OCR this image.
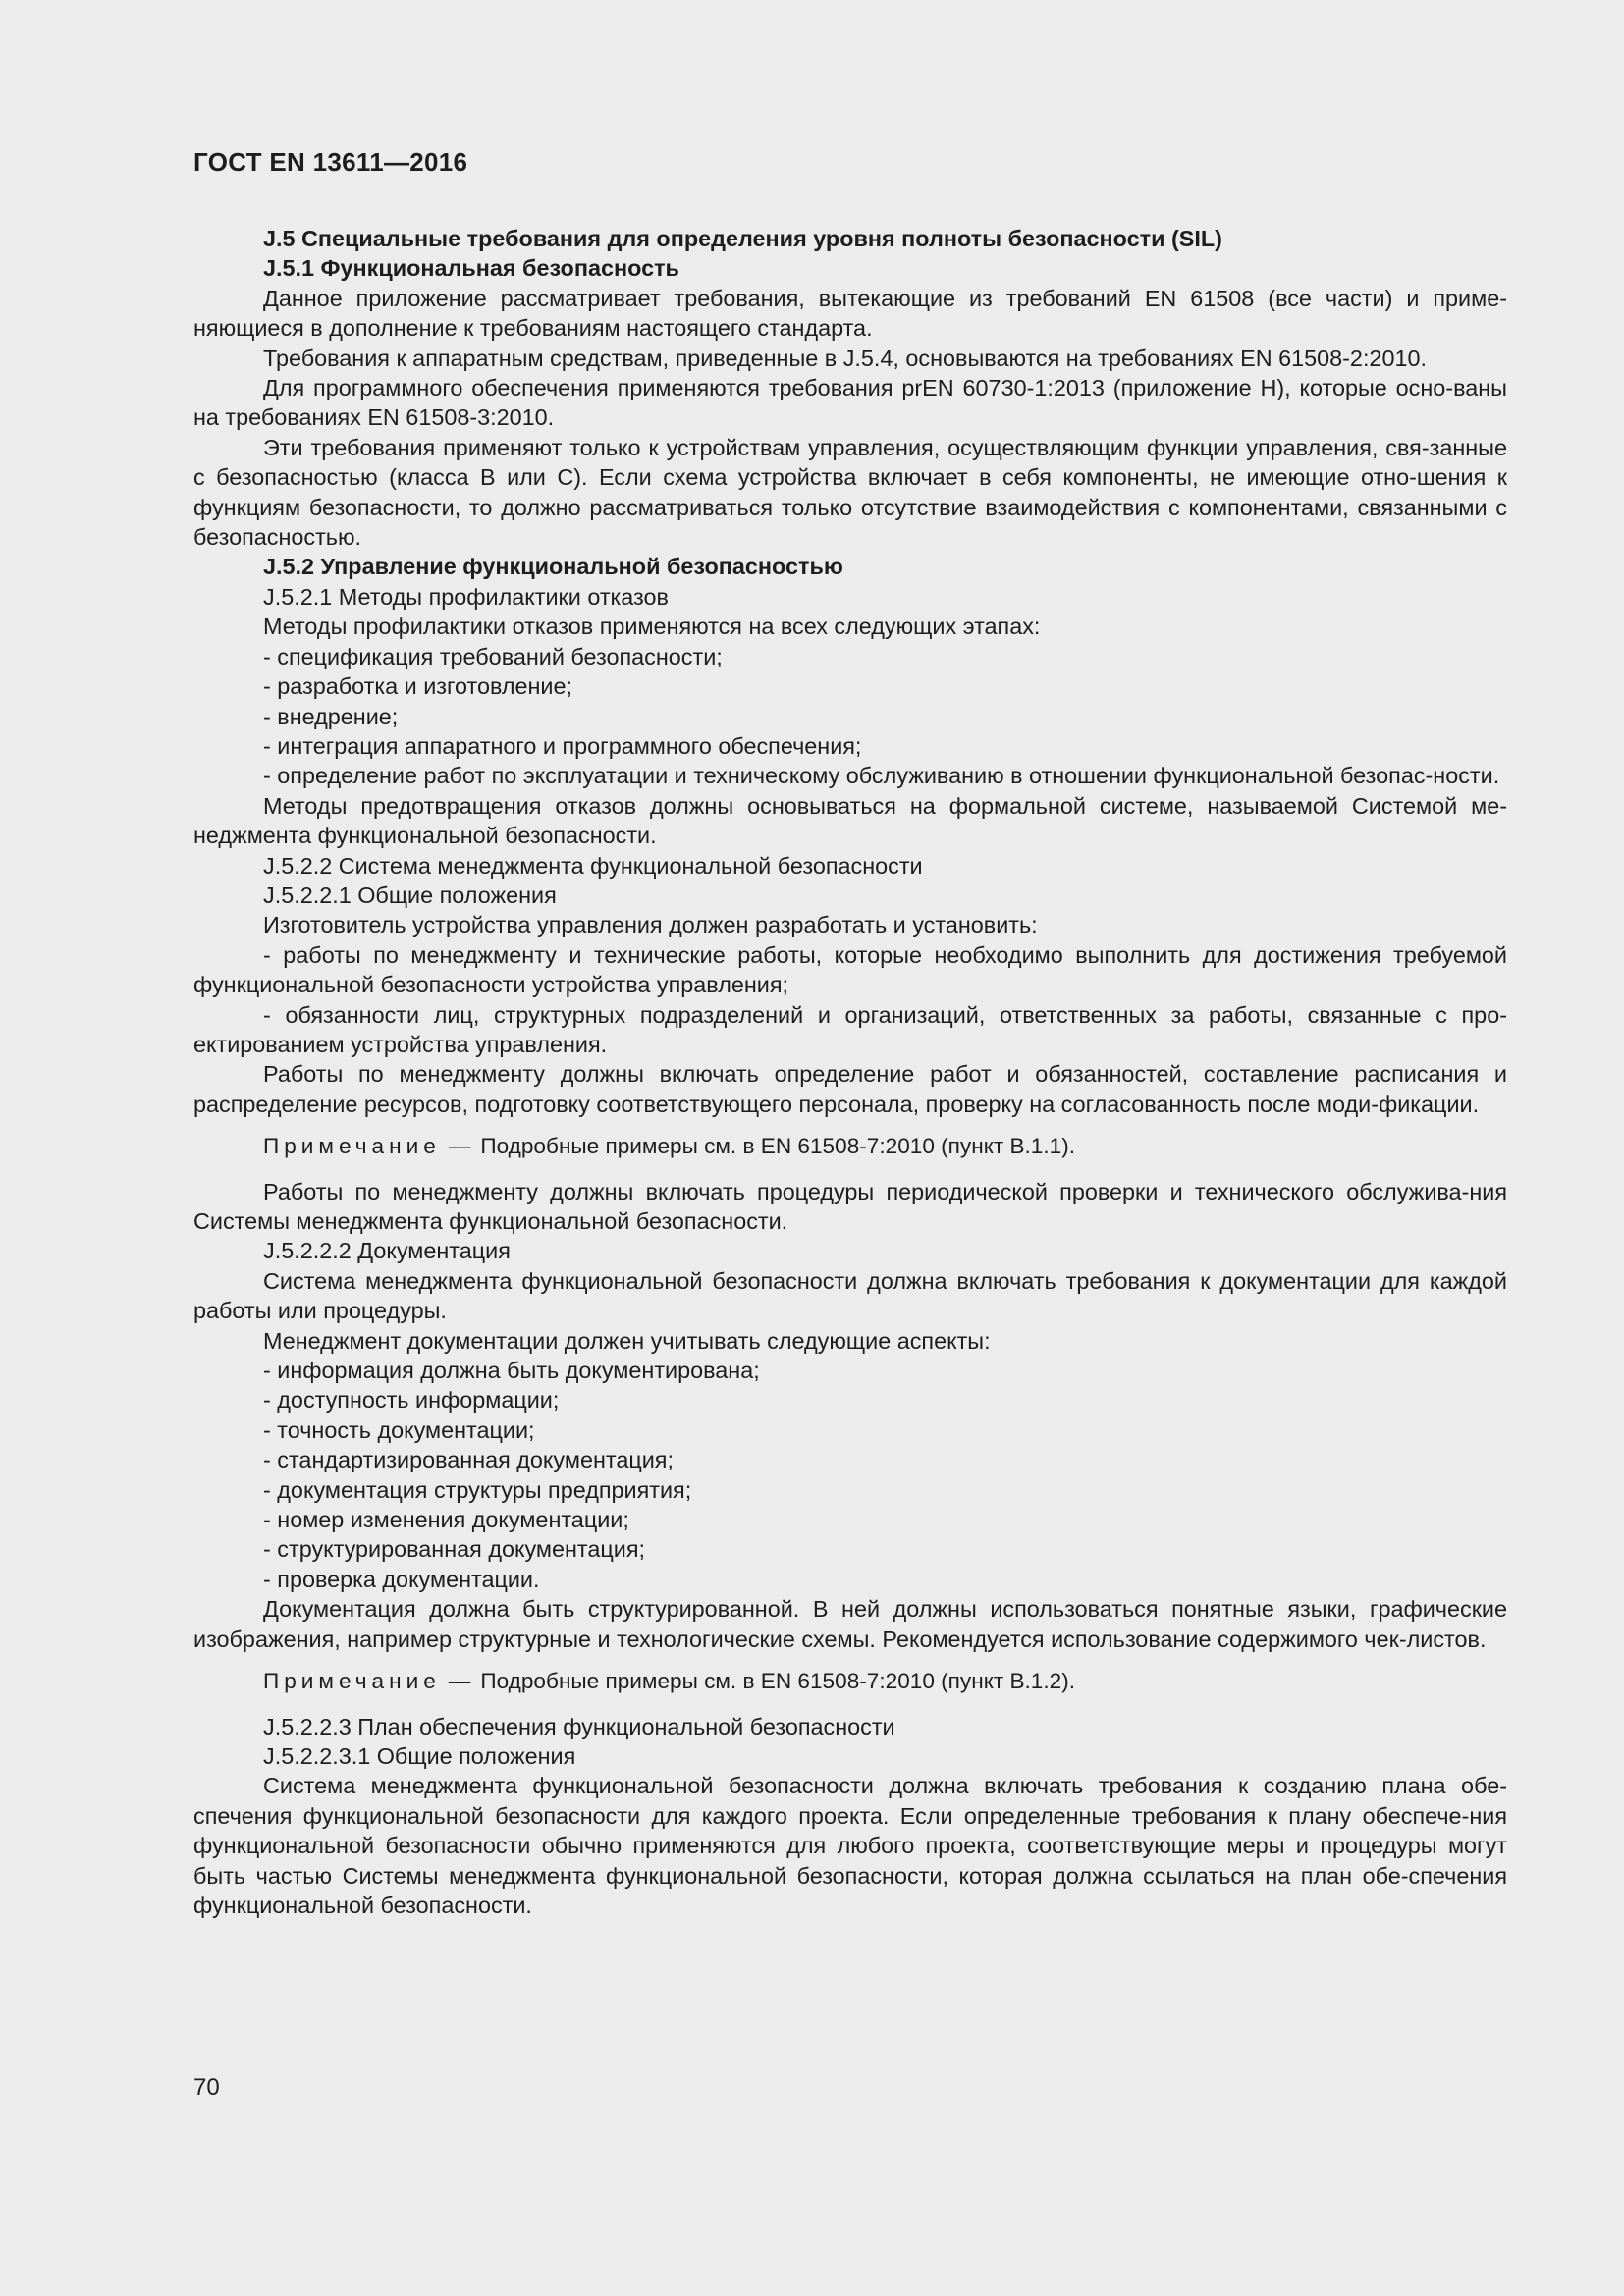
ГОСТ EN 13611—2016

J.5 Специальные требования для определения уровня полноты безопасности (SIL)

J.5.1 Функциональная безопасность

Данное приложение рассматривает требования, вытекающие из требований EN 61508 (все части) и приме-няющиеся в дополнение к требованиям настоящего стандарта.

Требования к аппаратным средствам, приведенные в J.5.4, основываются на требованиях EN 61508-2:2010.

Для программного обеспечения применяются требования prEN 60730-1:2013 (приложение H), которые осно-ваны на требованиях EN 61508-3:2010.

Эти требования применяют только к устройствам управления, осуществляющим функции управления, свя-занные с безопасностью (класса B или C). Если схема устройства включает в себя компоненты, не имеющие отно-шения к функциям безопасности, то должно рассматриваться только отсутствие взаимодействия с компонентами, связанными с безопасностью.

J.5.2 Управление функциональной безопасностью

J.5.2.1 Методы профилактики отказов

Методы профилактики отказов применяются на всех следующих этапах:

- спецификация требований безопасности;

- разработка и изготовление;

- внедрение;

- интеграция аппаратного и программного обеспечения;

- определение работ по эксплуатации и техническому обслуживанию в отношении функциональной безопас-ности.

Методы предотвращения отказов должны основываться на формальной системе, называемой Системой ме-неджмента функциональной безопасности.

J.5.2.2 Система менеджмента функциональной безопасности

J.5.2.2.1 Общие положения

Изготовитель устройства управления должен разработать и установить:

- работы по менеджменту и технические работы, которые необходимо выполнить для достижения требуемой функциональной безопасности устройства управления;

- обязанности лиц, структурных подразделений и организаций, ответственных за работы, связанные с про-ектированием устройства управления.

Работы по менеджменту должны включать определение работ и обязанностей, составление расписания и распределение ресурсов, подготовку соответствующего персонала, проверку на согласованность после моди-фикации.

Примечание — Подробные примеры см. в EN 61508-7:2010 (пункт B.1.1).

Работы по менеджменту должны включать процедуры периодической проверки и технического обслужива-ния Системы менеджмента функциональной безопасности.

J.5.2.2.2 Документация

Система менеджмента функциональной безопасности должна включать требования к документации для каждой работы или процедуры.

Менеджмент документации должен учитывать следующие аспекты:

- информация должна быть документирована;

- доступность информации;

- точность документации;

- стандартизированная документация;

- документация структуры предприятия;

- номер изменения документации;

- структурированная документация;

- проверка документации.

Документация должна быть структурированной. В ней должны использоваться понятные языки, графические изображения, например структурные и технологические схемы. Рекомендуется использование содержимого чек-листов.

Примечание — Подробные примеры см. в EN 61508-7:2010 (пункт B.1.2).

J.5.2.2.3 План обеспечения функциональной безопасности

J.5.2.2.3.1 Общие положения

Система менеджмента функциональной безопасности должна включать требования к созданию плана обе-спечения функциональной безопасности для каждого проекта. Если определенные требования к плану обеспече-ния функциональной безопасности обычно применяются для любого проекта, соответствующие меры и процедуры могут быть частью Системы менеджмента функциональной безопасности, которая должна ссылаться на план обе-спечения функциональной безопасности.

70
